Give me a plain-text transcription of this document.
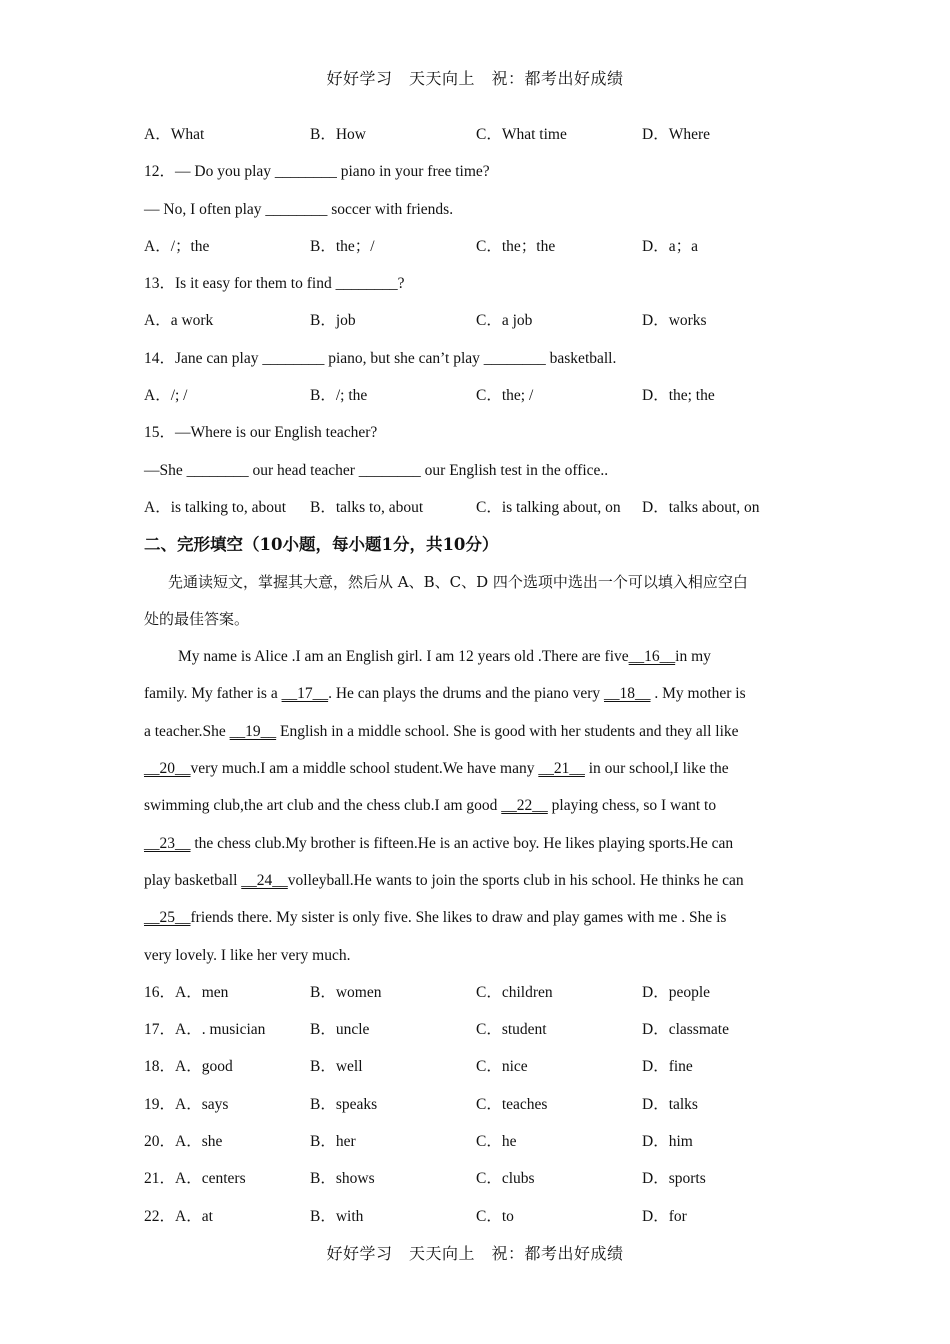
好好学习　天天向上　祝：都考出好成绩
A．What	B．How	C．What time	D．Where
12．— Do you play ________ piano in your free time?
— No, I often play ________ soccer with friends.
A．/；the	B．the；/	C．the；the	D．a；a
13．Is it easy for them to find ________?
A．a work	B．job	C．a job	D．works
14．Jane can play ________ piano, but she can’t play ________ basketball.
A．/; /	B．/; the	C．the; /	D．the; the
15．—Where is our English teacher?
—She ________ our head teacher ________ our English test in the office..
A．is talking to, about B．talks to, about	C．is talking about, on D．talks about, on
二、完形填空（10小题，每小题1分，共10分）
先通读短文，掌握其大意，然后从 A、B、C、D 四个选项中选出一个可以填入相应空白
处的最佳答案。
My name is Alice .I am an English girl. I am 12 years old .There are five__16__in my
family. My father is a __17__. He can plays the drums and the piano very __18__ . My mother is
a teacher.She __19__ English in a middle school. She is good with her students and they all like
__20__very much.I am a middle school student.We have many __21__ in our school,I like the
swimming club,the art club and the chess club.I am good __22__ playing chess, so I want to
__23__ the chess club.My brother is fifteen.He is an active boy. He likes playing sports.He can
play basketball __24__volleyball.He wants to join the sports club in his school. He thinks he can
__25__friends there. My sister is only five. She likes to draw and play games with me . She is
very lovely. I like her very much.
16．A．men	B．women	C．children	D．people
17．A．. musician	B．uncle	C．student	D．classmate
18．A．good	B．well	C．nice	D．fine
19．A．says	B．speaks	C．teaches	D．talks
20．A．she	B．her	C．he	D．him
21．A．centers	B．shows	C．clubs	D．sports
22．A．at	B．with	C．to	D．for
好好学习　天天向上　祝：都考出好成绩
